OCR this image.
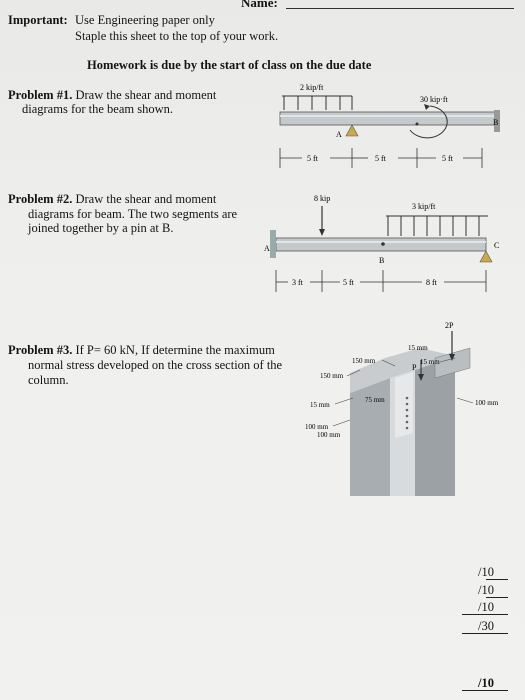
Name:
Important: Use Engineering paper only
Staple this sheet to the top of your work.
Homework is due by the start of class on the due date
Problem #1. Draw the shear and moment
diagrams for the beam shown.
2 kip/ft
30 kip·ft
A
B
5 ft	5 ft	5 ft
Problem #2. Draw the shear and moment
diagrams for beam. The two segments are
joined together by a pin at B.
8 kip
3 kip/ft
A
B
C
3 ft	5 ft	8 ft
Problem #3. If P= 60 kN, If determine the maximum
normal stress developed on the cross section of the
column.
2P
P
15 mm
150 mm	15 mm
150 mm
75 mm	100 mm
15 mm
100 mm
100 mm
/10
/10
/10
/30
/10
